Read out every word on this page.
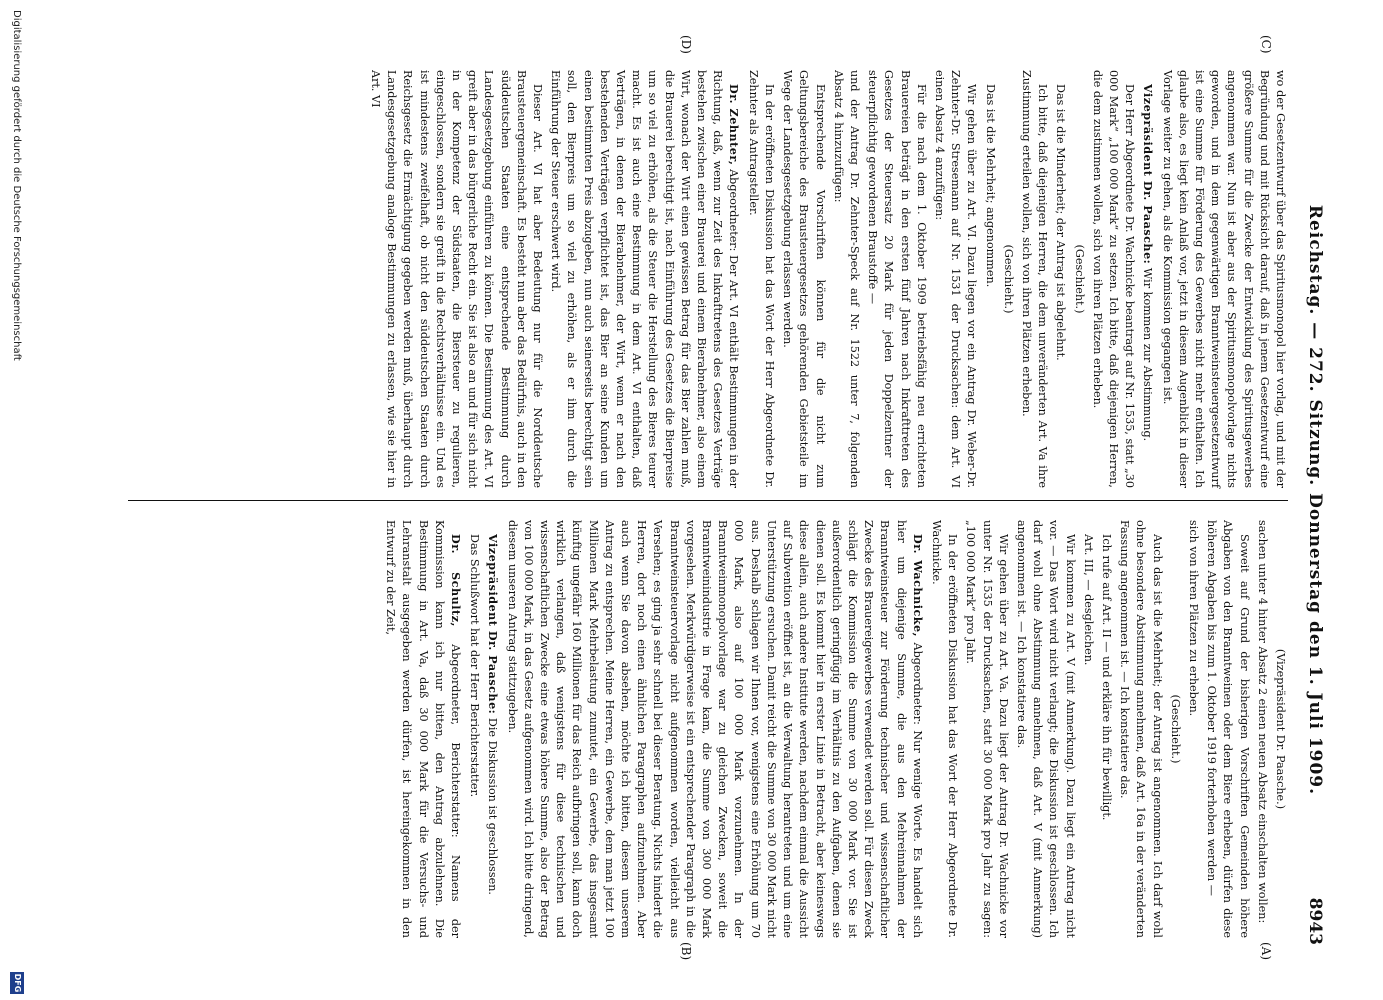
8943
Reichstag. — 272. Sitzung. Donnerstag den 1. Juli 1909.
(C)
(D)
(A)
(B)

wo der Gesetzentwurf über das Spiritusmonopol hier vorlag, und mit der Begründung und mit Rücksicht darauf, daß in jenem Gesetzentwurf eine größere Summe für die Zwecke der Entwicklung des Spiritusgewerbes angenommen war. Nun ist aber aus der Spiritusmonopolvorlage nichts geworden, und in dem gegenwärtigen Branntweinsteuergesetzentwurf ist eine Summe für Förderung des Gewerbes nicht mehr enthalten. Ich glaube also, es liegt kein Anlaß vor, jetzt in diesem Augenblick in dieser Vorlage weiter zu gehen, als die Kommission gegangen ist.

Vizepräsident Dr. Paasche: Wir kommen zur Abstimmung.

Der Herr Abgeordnete Dr. Wachnicke beantragt auf Nr. 1535, statt „30 000 Mark“ „100 000 Mark“ zu setzen. Ich bitte, daß diejenigen Herren, die dem zustimmen wollen, sich von ihren Plätzen erheben.

(Geschieht.)

Das ist die Minderheit; der Antrag ist abgelehnt.

Ich bitte, daß diejenigen Herren, die dem unveränderten Art. Va ihre Zustimmung erteilen wollen, sich von ihren Plätzen erheben.

(Geschieht.)

Das ist die Mehrheit; angenommen.

Wir gehen über zu Art. VI. Dazu liegen vor ein Antrag Dr. Weber-Dr. Zehnter-Dr. Stresemann auf Nr. 1531 der Drucksachen: dem Art. VI einen Absatz 4 anzufügen:

Für die nach dem 1. Oktober 1909 betriebsfähig neu errichteten Brauereien beträgt in den ersten fünf Jahren nach Inkrafttreten des Gesetzes der Steuersatz 20 Mark für jeden Doppelzentner der steuerpflichtig gewordenen Braustoffe —

und der Antrag Dr. Zehnter-Speck auf Nr. 1522 unter 7, folgenden Absatz 4 hinzuzufügen:

Entsprechende Vorschriften können für die nicht zum Geltungsbereiche des Brausteuergesetzes gehörenden Gebietsteile im Wege der Landesgesetzgebung erlassen werden.

In der eröffneten Diskussion hat das Wort der Herr Abgeordnete Dr. Zehnter als Antragsteller.

Dr. Zehnter, Abgeordneter: Der Art. VI enthält Bestimmungen in der Richtung, daß, wenn zur Zeit des Inkrafttretens des Gesetzes Verträge bestehen zwischen einer Brauerei und einem Bierabnehmer, also einem Wirt, wonach der Wirt einen gewissen Betrag für das Bier zahlen muß, die Brauerei berechtigt ist, nach Einführung des Gesetzes die Bierpreise um so viel zu erhöhen, als die Steuer die Herstellung des Bieres teurer macht. Es ist auch eine Bestimmung in dem Art. VI enthalten, daß Verträgen, in denen der Bierabnehmer, der Wirt, wenn er nach den bestehenden Verträgen verpflichtet ist, das Bier an seine Kunden um einen bestimmten Preis abzugeben, nun auch seinerseits berechtigt sein soll, den Bierpreis um so viel zu erhöhen, als er ihm durch die Einführung der Steuer erschwert wird.

Dieser Art. VI hat aber Bedeutung nur für die Norddeutsche Brausteuergemeinschaft. Es besteht nun aber das Bedürfnis, auch in den süddeutschen Staaten eine entsprechende Bestimmung durch Landesgesetzgebung einführen zu können. Die Bestimmung des Art. VI greift aber in das bürgerliche Recht ein. Sie ist also an und für sich nicht in der Kompetenz der Südstaaten, die Biersteuer zu regulieren, eingeschlossen, sondern sie greift in die Rechtsverhältnisse ein. Und es ist mindestens zweifelhaft, ob nicht den süddeutschen Staaten durch Reichsgesetz die Ermächtigung gegeben werden muß, überhaupt durch Landesgesetzgebung analoge Bestimmungen zu erlassen, wie sie hier in Art. VI

(Vizepräsident Dr. Paasche.)

sachen unter 4 hinter Absatz 2 einen neuen Absatz einschalten wollen:

Soweit auf Grund der bisherigen Vorschriften Gemeinden höhere Abgaben von den Branntweinen oder dem Biere erheben, dürfen diese höheren Abgaben bis zum 1. Oktober 1919 forterhoben werden —

sich von ihren Plätzen zu erheben.

(Geschieht.)

Auch das ist die Mehrheit; der Antrag ist angenommen. Ich darf wohl ohne besondere Abstimmung annehmen, daß Art. 16a in der veränderten Fassung angenommen ist. — Ich konstatiere das.

Ich rufe auf Art. II — und erkläre ihn für bewilligt.

Art. III, — desgleichen.

Wir kommen zu Art. V (mit Anmerkung). Dazu liegt ein Antrag nicht vor. — Das Wort wird nicht verlangt; die Diskussion ist geschlossen. Ich darf wohl ohne Abstimmung annehmen, daß Art. V (mit Anmerkung) angenommen ist. — Ich konstatiere das.

Wir gehen über zu Art. Va. Dazu liegt der Antrag Dr. Wachnicke vor unter Nr. 1535 der Drucksachen, statt 30 000 Mark pro Jahr zu sagen: „100 000 Mark“ pro Jahr.

In der eröffneten Diskussion hat das Wort der Herr Abgeordnete Dr. Wachnicke.

Dr. Wachnicke, Abgeordneter: Nur wenige Worte. Es handelt sich hier um diejenige Summe, die aus den Mehreinnahmen der Branntweinsteuer zur Förderung technischer und wissenschaftlicher Zwecke des Brauereigewerbes verwendet werden soll. Für diesen Zweck schlägt die Kommission die Summe von 30 000 Mark vor. Sie ist außerordentlich geringfügig im Verhältnis zu den Aufgaben, denen sie dienen soll. Es kommt hier in erster Linie in Betracht, aber keineswegs diese allein, auch andere Institute werden, nachdem einmal die Aussicht auf Subvention eröffnet ist, an die Verwaltung herantreten und um eine Unterstützung ersuchen. Damit reicht die Summe von 30 000 Mark nicht aus. Deshalb schlagen wir Ihnen vor, wenigstens eine Erhöhung um 70 000 Mark, also auf 100 000 Mark vorzunehmen. In der Branntweinmonopolvorlage war zu gleichen Zwecken, soweit die Branntweinindustrie in Frage kam, die Summe von 300 000 Mark vorgesehen. Merkwürdigerweise ist ein entsprechender Paragraph in die Branntweinsteuervorlage nicht aufgenommen worden, vielleicht aus Versehen; es ging ja sehr schnell bei dieser Beratung. Nichts hindert die Herren, dort noch einen ähnlichen Paragraphen aufzunehmen. Aber auch wenn Sie davon absehen, möchte ich bitten, diesem unserem Antrag zu entsprechen. Meine Herren, ein Gewerbe, dem man jetzt 100 Millionen Mark Mehrbelastung zumutet, ein Gewerbe, das insgesamt künftig ungefähr 160 Millionen für das Reich aufbringen soll, kann doch wirklich verlangen, daß wenigstens für diese technischen und wissenschaftlichen Zwecke eine etwas höhere Summe, also der Betrag von 100 000 Mark, in das Gesetz aufgenommen wird. Ich bitte dringend, diesem unseren Antrag stattzugeben.

Vizepräsident Dr. Paasche: Die Diskussion ist geschlossen.

Das Schlußwort hat der Herr Berichterstatter.

Dr. Schultz, Abgeordneter, Berichterstatter: Namens der Kommission kann ich nur bitten, den Antrag abzulehnen. Die Bestimmung in Art. Va, daß 30 000 Mark für die Versuchs- und Lehranstalt ausgegeben werden dürfen, ist hereingekommen in den Entwurf zu der Zeit,

Digitalisierung gefördert durch die Deutsche Forschungsgemeinschaft
DFG
